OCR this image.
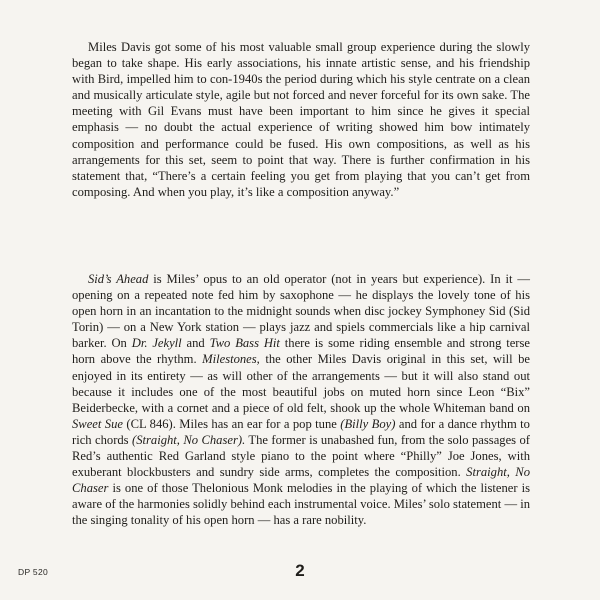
Miles Davis got some of his most valuable small group experience during the slowly began to take shape. His early associations, his innate artistic sense, and his friendship with Bird, impelled him to con-1940s the period during which his style centrate on a clean and musically articulate style, agile but not forced and never forceful for its own sake. The meeting with Gil Evans must have been important to him since he gives it special emphasis — no doubt the actual experience of writing showed him bow intimately composition and performance could be fused. His own compositions, as well as his arrangements for this set, seem to point that way. There is further confirmation in his statement that, “There’s a certain feeling you get from playing that you can’t get from composing. And when you play, it’s like a composition anyway.”

Sid’s Ahead is Miles’ opus to an old operator (not in years but experience). In it — opening on a repeated note fed him by saxophone — he displays the lovely tone of his open horn in an incantation to the midnight sounds when disc jockey Symphoney Sid (Sid Torin) — on a New York station — plays jazz and spiels commercials like a hip carnival barker. On Dr. Jekyll and Two Bass Hit there is some riding ensemble and strong terse horn above the rhythm. Milestones, the other Miles Davis original in this set, will be enjoyed in its entirety — as will other of the arrangements — but it will also stand out because it includes one of the most beautiful jobs on muted horn since Leon “Bix” Beiderbecke, with a cornet and a piece of old felt, shook up the whole Whiteman band on Sweet Sue (CL 846). Miles has an ear for a pop tune (Billy Boy) and for a dance rhythm to rich chords (Straight, No Chaser). The former is unabashed fun, from the solo passages of Red’s authentic Red Garland style piano to the point where “Philly” Joe Jones, with exuberant blockbusters and sundry side arms, completes the composition. Straight, No Chaser is one of those Thelonious Monk melodies in the playing of which the listener is aware of the harmonies solidly behind each instrumental voice. Miles’ solo statement — in the singing tonality of his open horn — has a rare nobility.

DP 520	2
